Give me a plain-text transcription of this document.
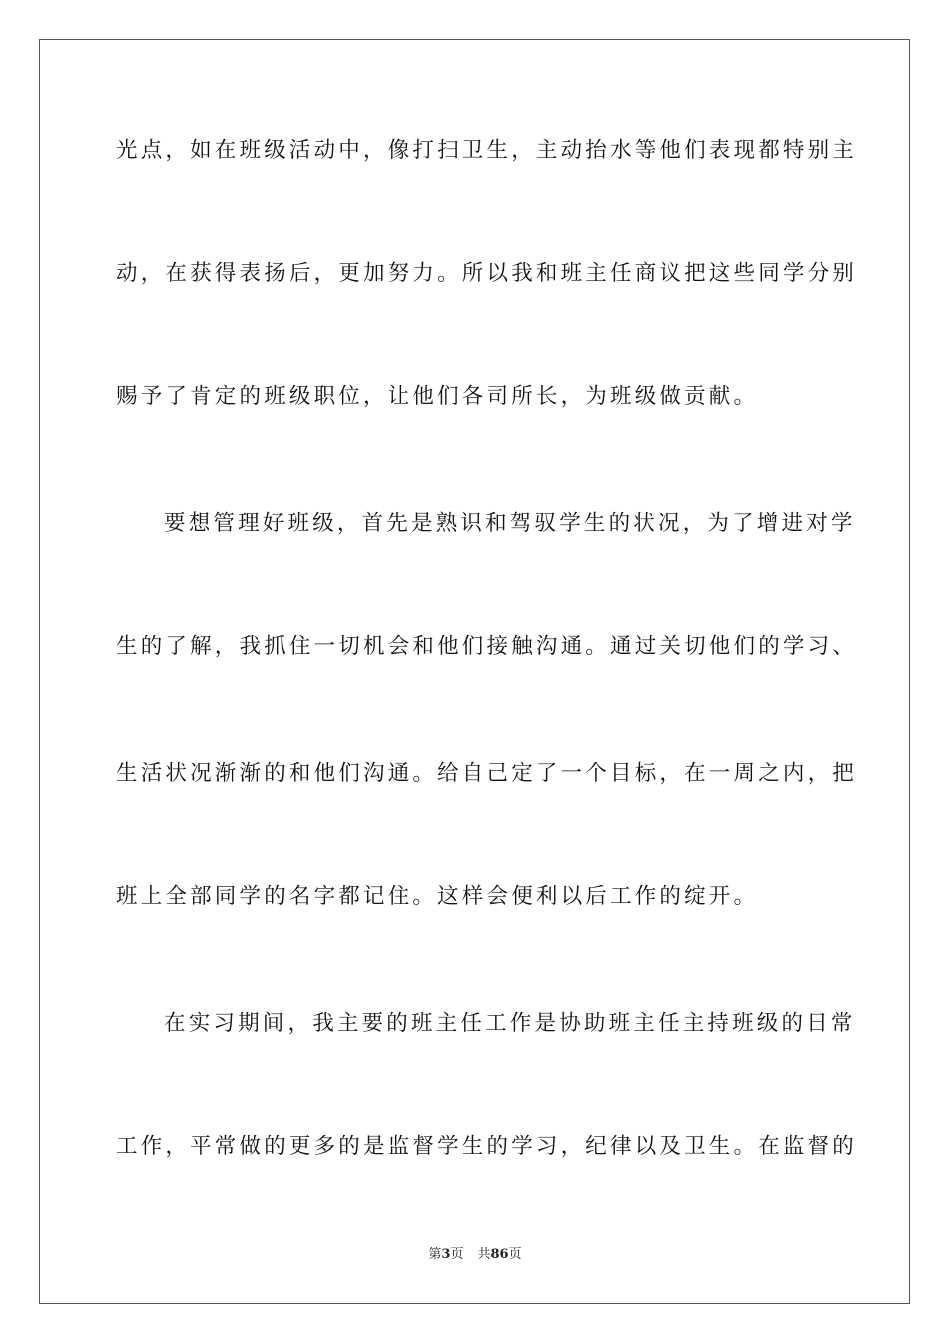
光点，如在班级活动中，像打扫卫生，主动抬水等他们表现都特别主
动，在获得表扬后，更加努力。所以我和班主任商议把这些同学分别
赐予了肯定的班级职位，让他们各司所长，为班级做贡献。
要想管理好班级，首先是熟识和驾驭学生的状况，为了增进对学
生的了解，我抓住一切机会和他们接触沟通。通过关切他们的学习、
生活状况渐渐的和他们沟通。给自己定了一个目标，在一周之内，把
班上全部同学的名字都记住。这样会便利以后工作的绽开。
在实习期间，我主要的班主任工作是协助班主任主持班级的日常
工作，平常做的更多的是监督学生的学习，纪律以及卫生。在监督的
第3页 共86页
